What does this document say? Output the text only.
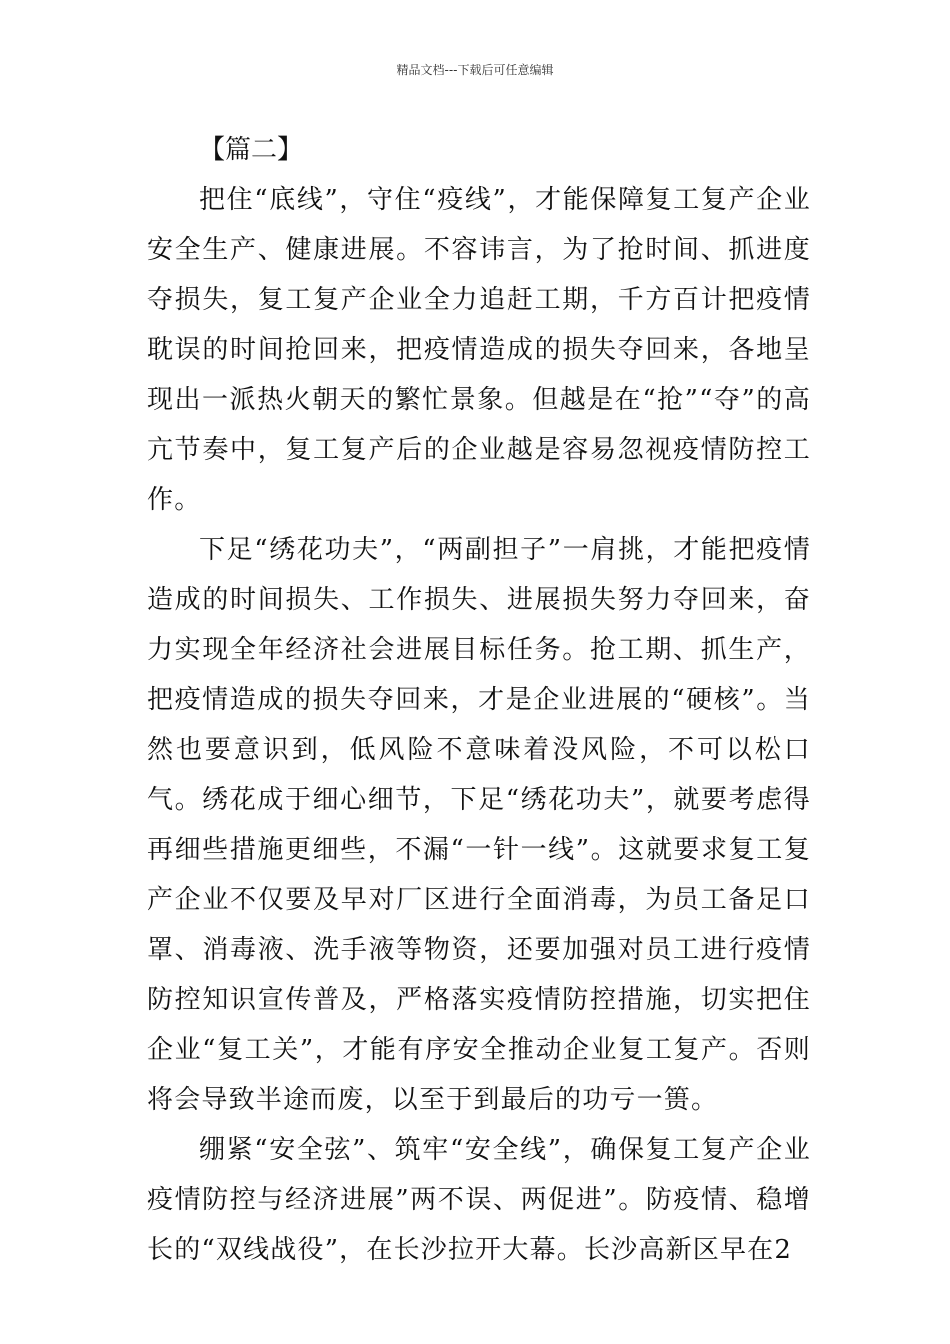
精品文档---下载后可任意编辑
【篇二】

把住“底线”，守住“疫线”，才能保障复工复产企业安全生产、健康进展。不容讳言，为了抢时间、抓进度夺损失，复工复产企业全力追赶工期，千方百计把疫情耽误的时间抢回来，把疫情造成的损失夺回来，各地呈现出一派热火朝天的繁忙景象。但越是在“抢”“夺”的高亢节奏中，复工复产后的企业越是容易忽视疫情防控工作。

下足“绣花功夫”，“两副担子”一肩挑，才能把疫情造成的时间损失、工作损失、进展损失努力夺回来，奋力实现全年经济社会进展目标任务。抢工期、抓生产，把疫情造成的损失夺回来，才是企业进展的“硬核”。当然也要意识到，低风险不意味着没风险，不可以松口气。绣花成于细心细节，下足“绣花功夫”，就要考虑得再细些措施更细些，不漏“一针一线”。这就要求复工复产企业不仅要及早对厂区进行全面消毒，为员工备足口罩、消毒液、洗手液等物资，还要加强对员工进行疫情防控知识宣传普及，严格落实疫情防控措施，切实把住企业“复工关”，才能有序安全推动企业复工复产。否则将会导致半途而废，以至于到最后的功亏一篑。

绷紧“安全弦”、筑牢“安全线”，确保复工复产企业疫情防控与经济进展”两不误、两促进”。防疫情、稳增长的“双线战役”，在长沙拉开大幕。长沙高新区早在2
